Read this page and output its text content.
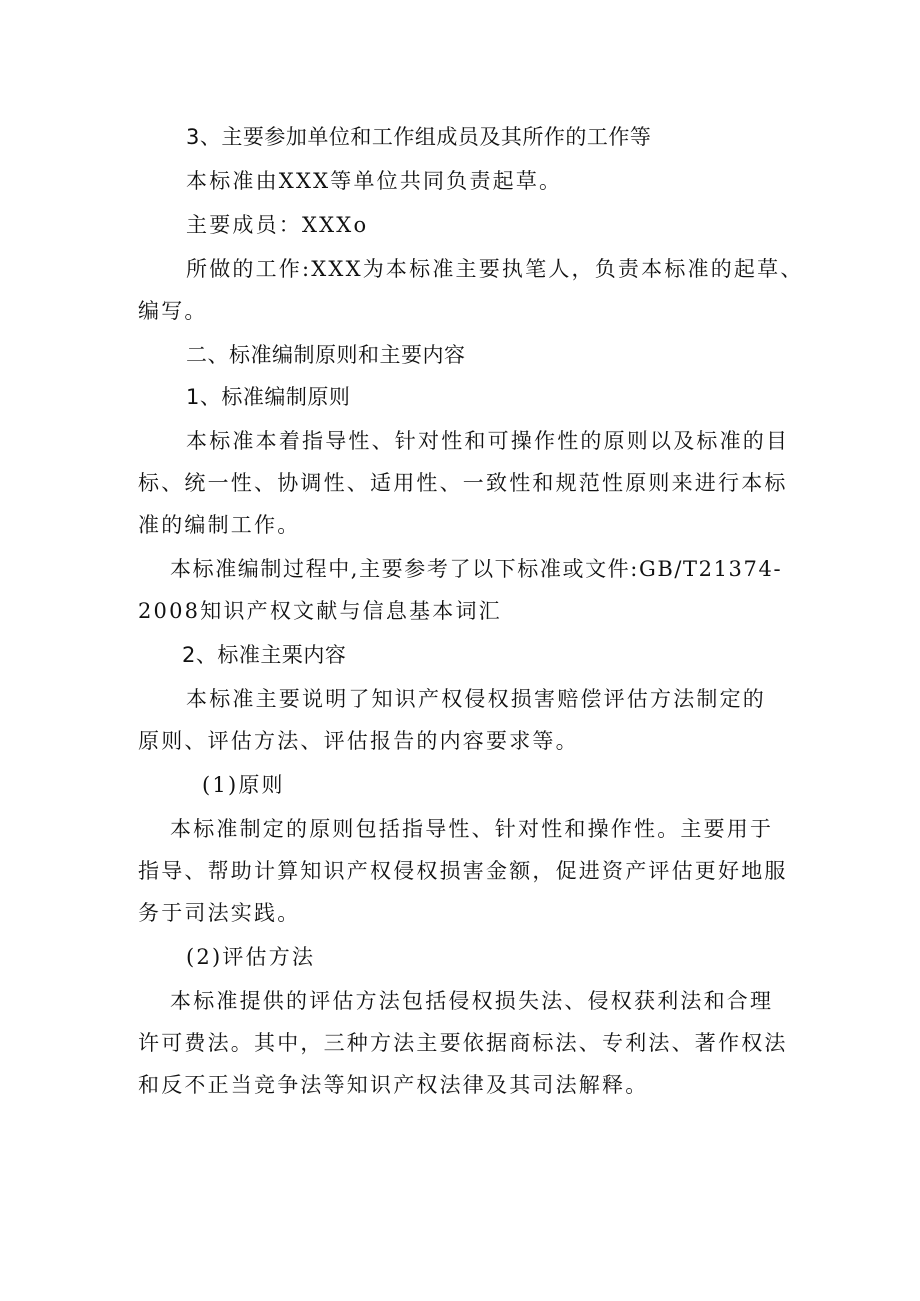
3、主要参加单位和工作组成员及其所作的工作等
本标准由XXX等单位共同负责起草。
主要成员：XXXo
所做的工作:XXX为本标准主要执笔人，负责本标准的起草、
编写。
二、标准编制原则和主要内容
1、标准编制原则
本标准本着指导性、针对性和可操作性的原则以及标准的目
标、统一性、协调性、适用性、一致性和规范性原则来进行本标
准的编制工作。
本标准编制过程中,主要参考了以下标准或文件:GB/T21374-
2008知识产权文献与信息基本词汇
2、标准主栗内容
本标准主要说明了知识产权侵权损害赔偿评估方法制定的
原则、评估方法、评估报告的内容要求等。
(1)原则
本标准制定的原则包括指导性、针对性和操作性。主要用于
指导、帮助计算知识产权侵权损害金额，促进资产评估更好地服
务于司法实践。
(2)评估方法
本标准提供的评估方法包括侵权损失法、侵权获利法和合理
许可费法。其中，三种方法主要依据商标法、专利法、著作权法
和反不正当竞争法等知识产权法律及其司法解释。
